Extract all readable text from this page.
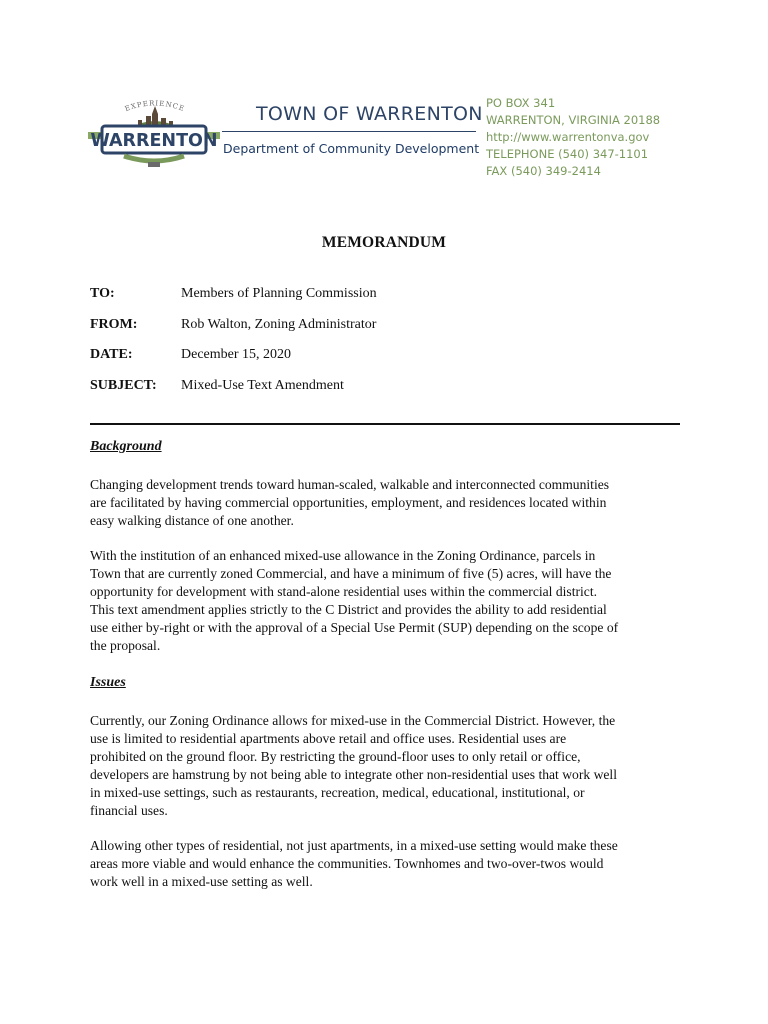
EXPERIENCE
WARRENTON
TOWN OF WARRENTON
Department of Community Development
PO BOX 341
WARRENTON, VIRGINIA 20188
http://www.warrentonva.gov
TELEPHONE (540) 347-1101
FAX (540) 349-2414
MEMORANDUM
TO:	Members of Planning Commission
FROM:	Rob Walton, Zoning Administrator
DATE:	December 15, 2020
SUBJECT: Mixed-Use Text Amendment
Background
Changing development trends toward human-scaled, walkable and interconnected communities
are facilitated by having commercial opportunities, employment, and residences located within
easy walking distance of one another.
With the institution of an enhanced mixed-use allowance in the Zoning Ordinance, parcels in
Town that are currently zoned Commercial, and have a minimum of five (5) acres, will have the
opportunity for development with stand-alone residential uses within the commercial district.
This text amendment applies strictly to the C District and provides the ability to add residential
use either by-right or with the approval of a Special Use Permit (SUP) depending on the scope of
the proposal.
Issues
Currently, our Zoning Ordinance allows for mixed-use in the Commercial District. However, the
use is limited to residential apartments above retail and office uses. Residential uses are
prohibited on the ground floor. By restricting the ground-floor uses to only retail or office,
developers are hamstrung by not being able to integrate other non-residential uses that work well
in mixed-use settings, such as restaurants, recreation, medical, educational, institutional, or
financial uses.
Allowing other types of residential, not just apartments, in a mixed-use setting would make these
areas more viable and would enhance the communities. Townhomes and two-over-twos would
work well in a mixed-use setting as well.
